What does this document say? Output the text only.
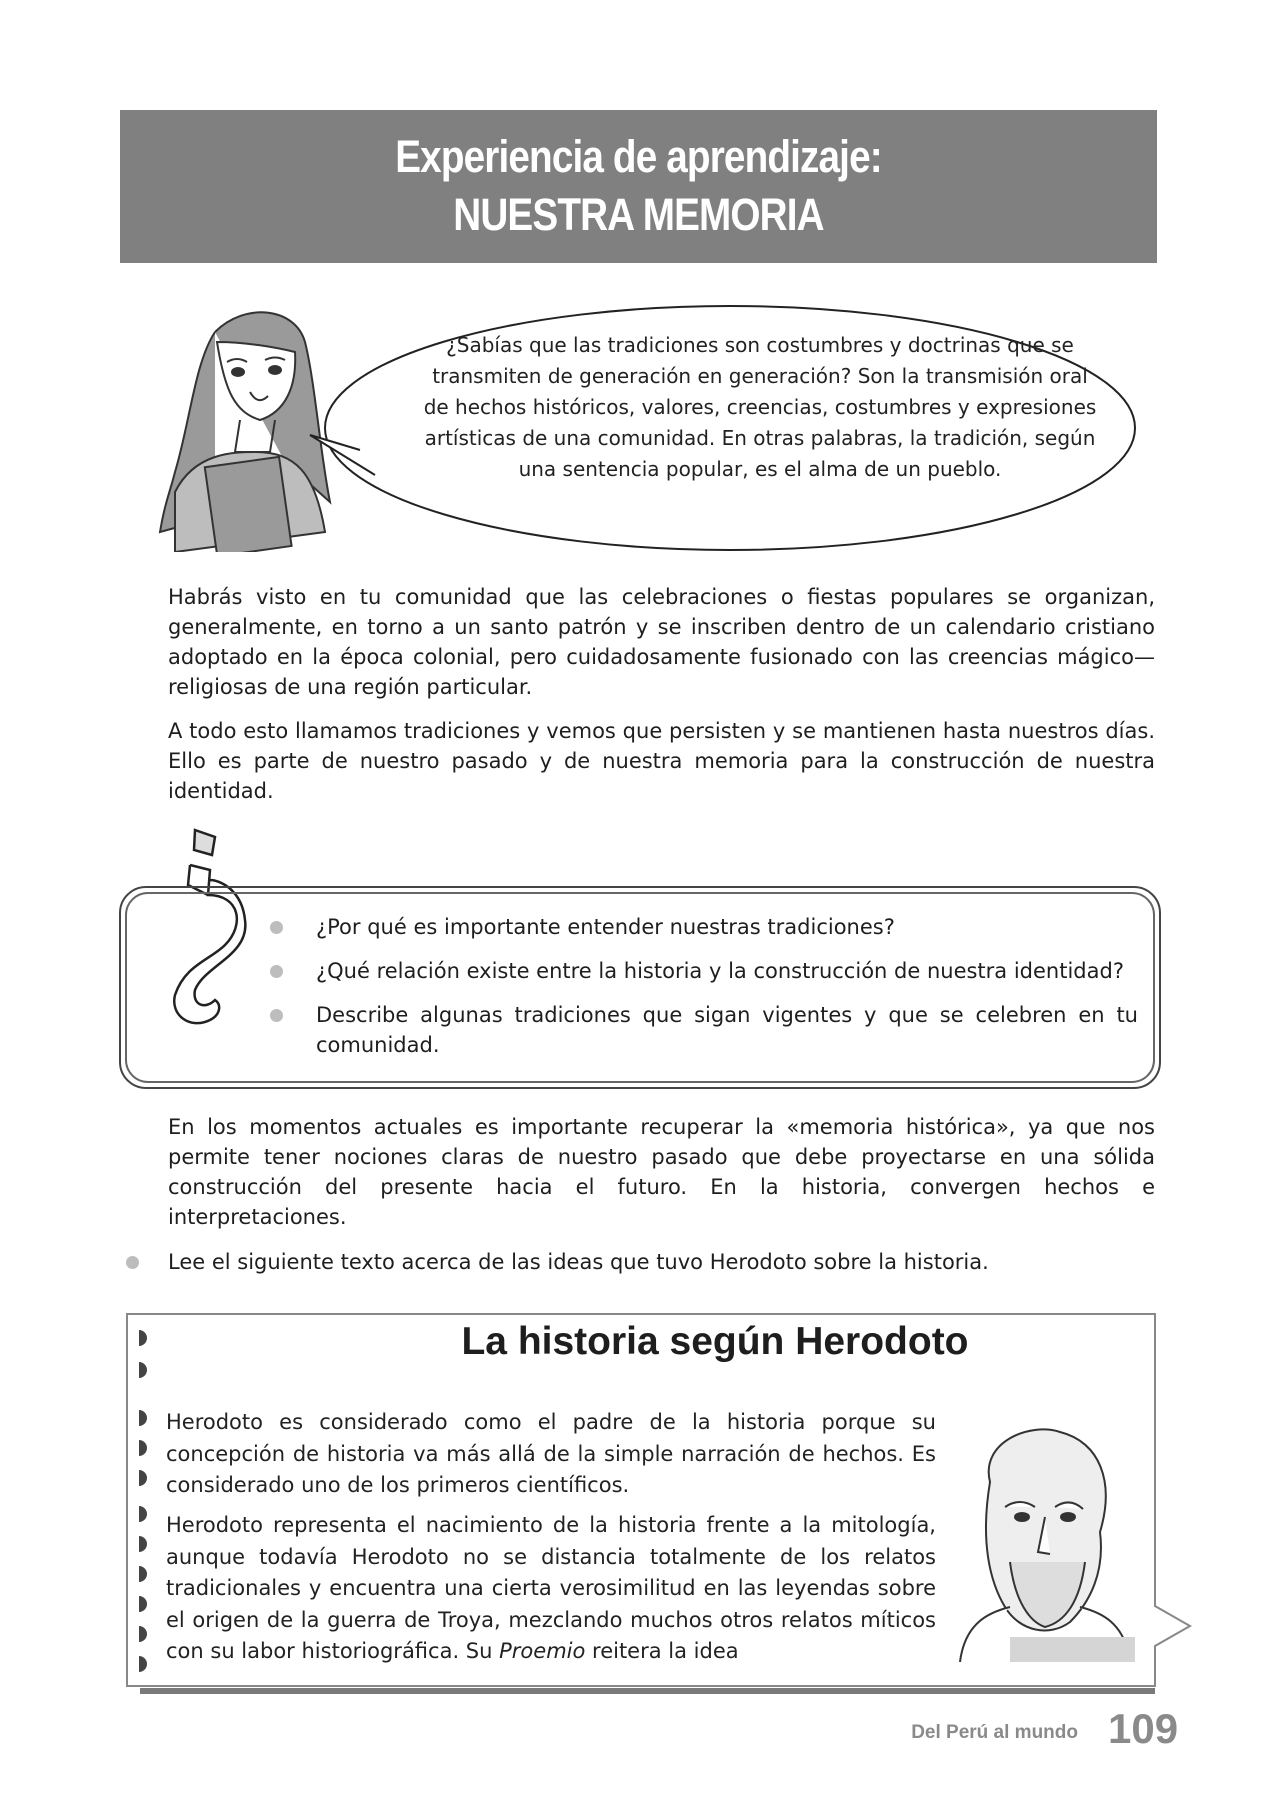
Experiencia de aprendizaje:
NUESTRA MEMORIA
¿Sabías que las tradiciones son costumbres y doctrinas que se transmiten de generación en generación? Son la transmisión oral de hechos históricos, valores, creencias, costumbres y expresiones artísticas de una comunidad. En otras palabras, la tradición, según una sentencia popular, es el alma de un pueblo.

Habrás visto en tu comunidad que las celebraciones o fiestas populares se organizan, generalmente, en torno a un santo patrón y se inscriben dentro de un calendario cristiano adoptado en la época colonial, pero cuidadosamente fusionado con las creencias mágico— religiosas de una región particular.

A todo esto llamamos tradiciones y vemos que persisten y se mantienen hasta nuestros días. Ello es parte de nuestro pasado y de nuestra memoria para la construcción de nuestra identidad.

¿Por qué es importante entender nuestras tradiciones?
¿Qué relación existe entre la historia y la construcción de nuestra identidad?
Describe algunas tradiciones que sigan vigentes y que se celebren en tu comunidad.

En los momentos actuales es importante recuperar la «memoria histórica», ya que nos permite tener nociones claras de nuestro pasado que debe proyectarse en una sólida construcción del presente hacia el futuro. En la historia, convergen hechos e interpretaciones.

Lee el siguiente texto acerca de las ideas que tuvo Herodoto sobre la historia.

La historia según Herodoto

Herodoto es considerado como el padre de la historia porque su concepción de historia va más allá de la simple narración de hechos. Es considerado uno de los primeros científicos.

Herodoto representa el nacimiento de la historia frente a la mitología, aunque todavía Herodoto no se distancia totalmente de los relatos tradicionales y encuentra una cierta verosimilitud en las leyendas sobre el origen de la guerra de Troya, mezclando muchos otros relatos míticos con su labor historiográfica. Su Proemio reitera la idea

Del Perú al mundo 109
